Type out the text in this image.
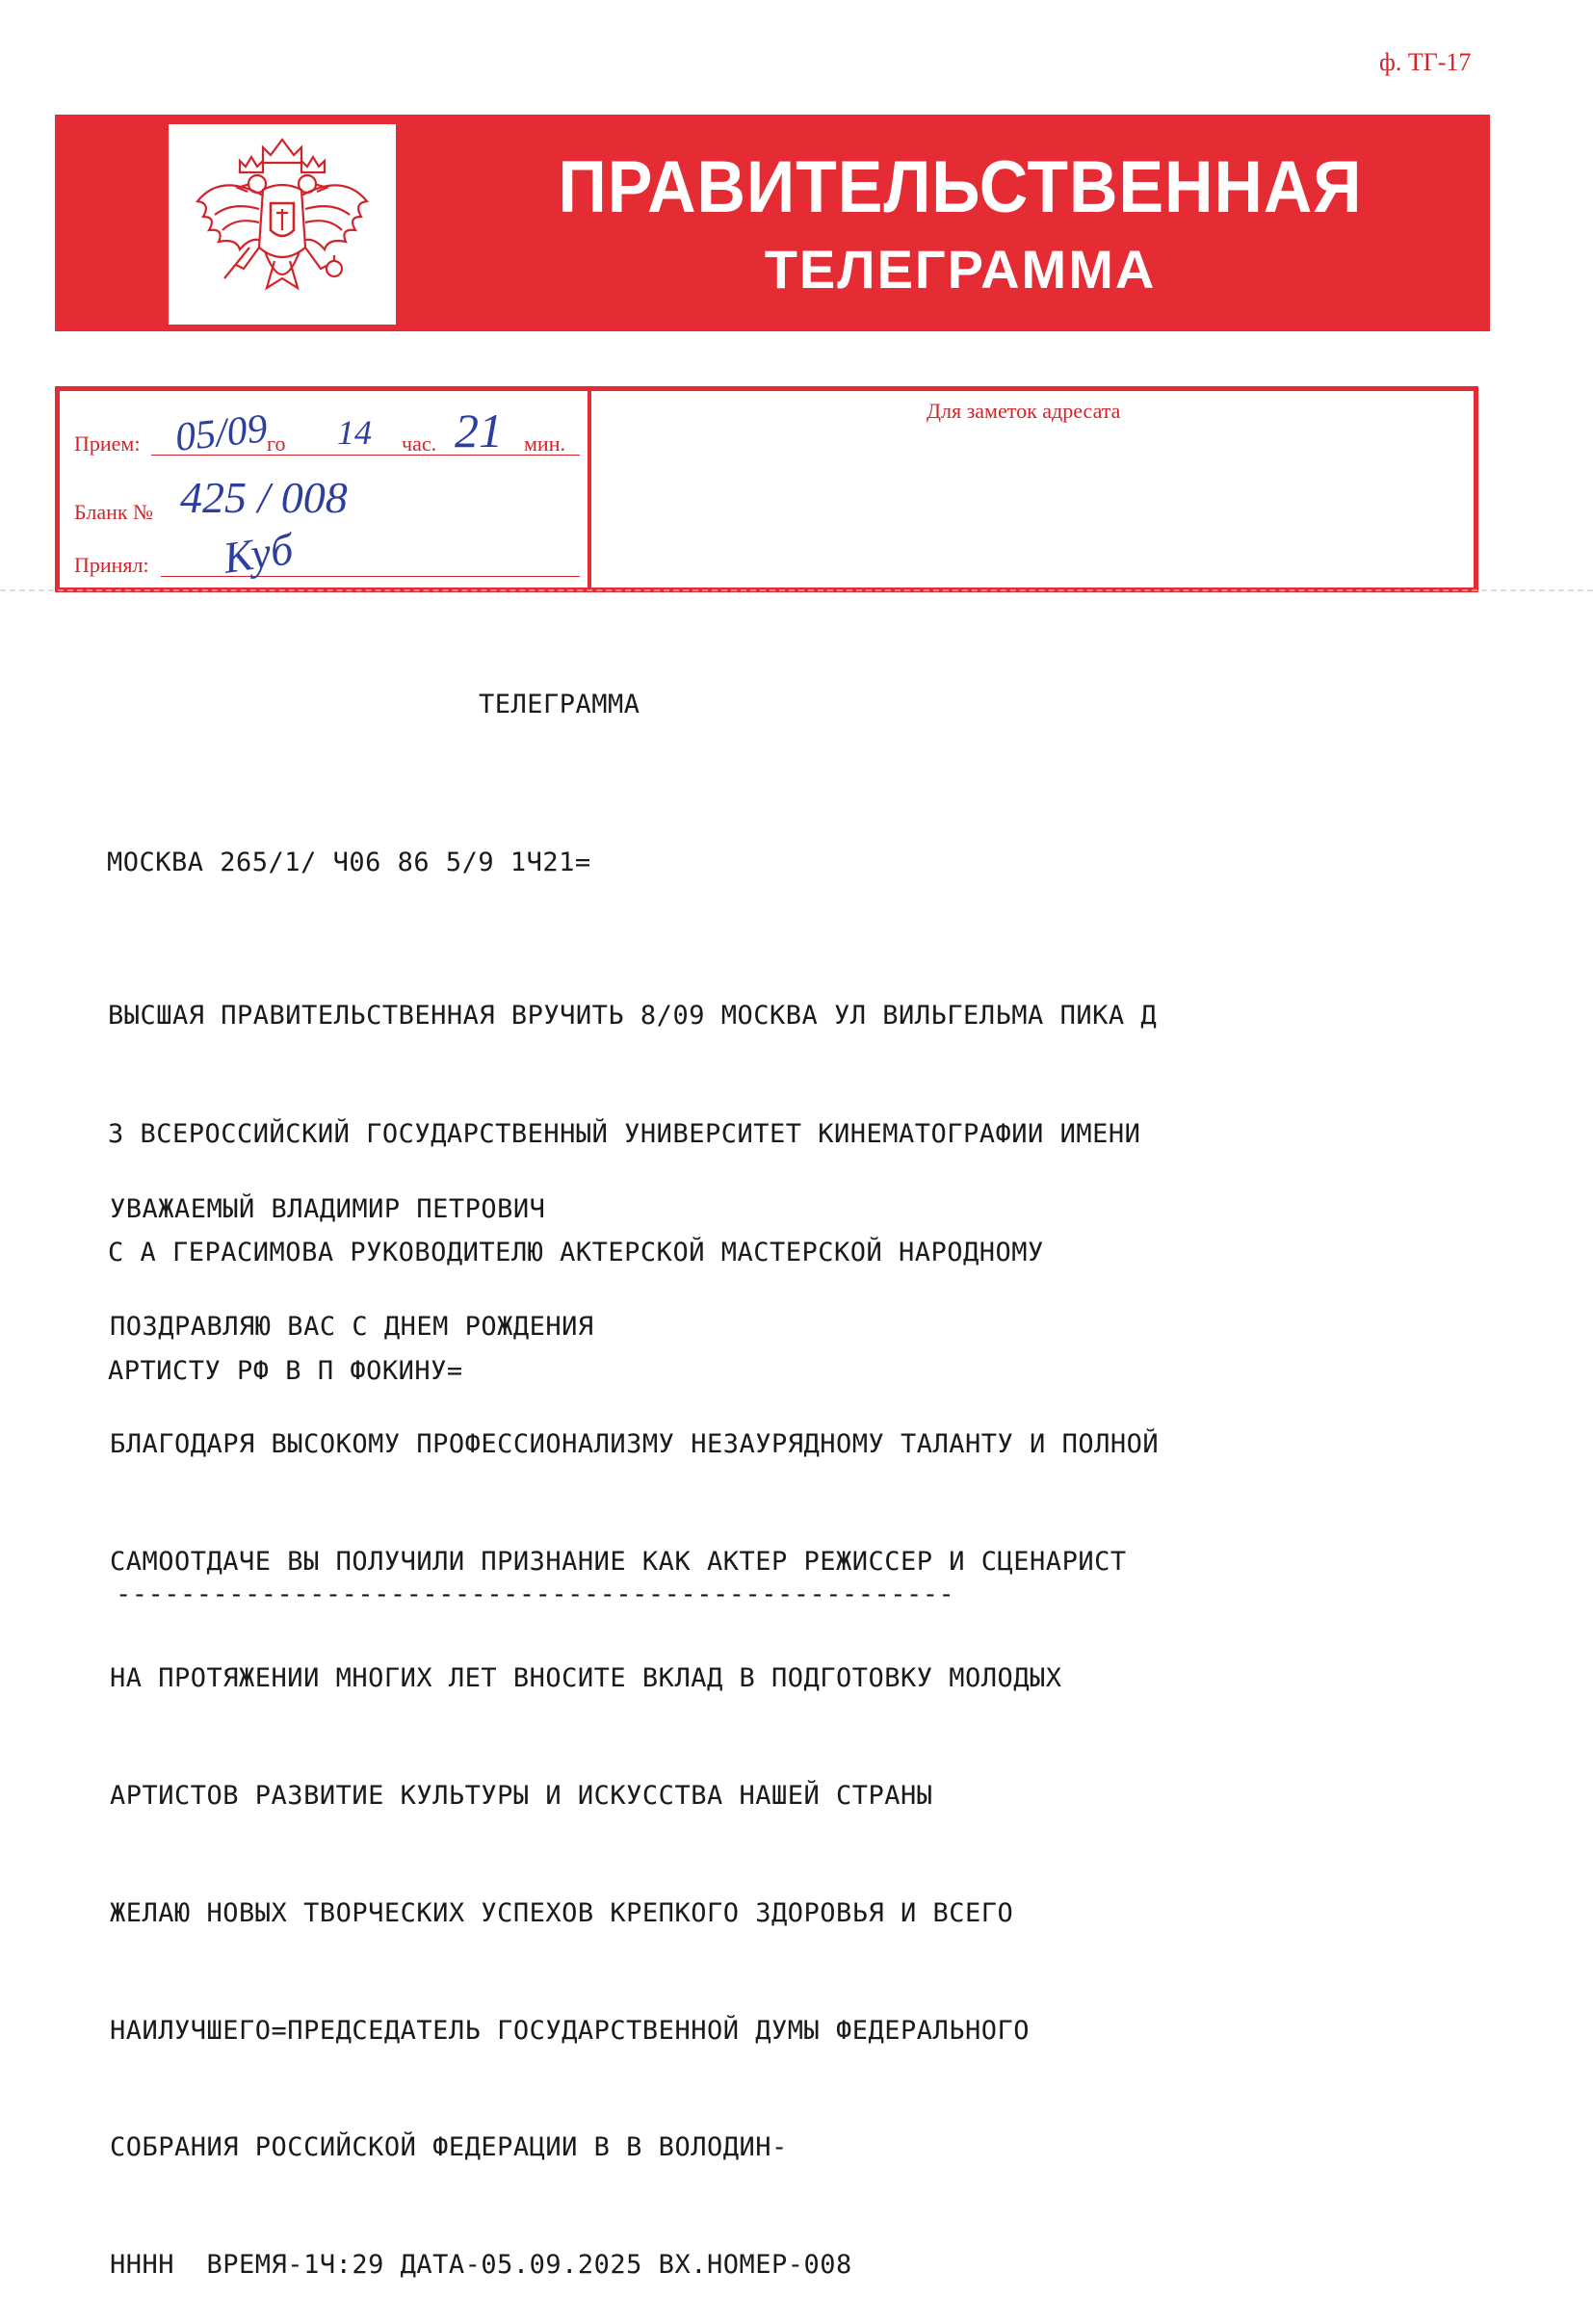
ф. ТГ-17
ПРАВИТЕЛЬСТВЕННАЯ
ТЕЛЕГРАММА
Прием: 05/09
го 14 час. 21 мин.
Бланк № 425 / 008
Принял: Куб
Для заметок адресата
ТЕЛЕГРАММА
МОСКВА 265/1/ Ч06 86 5/9 1Ч21=

ВЫСШАЯ ПРАВИТЕЛЬСТВЕННАЯ ВРУЧИТЬ 8/09 МОСКВА УЛ ВИЛЬГЕЛЬМА ПИКА Д

3 ВСЕРОССИЙСКИЙ ГОСУДАРСТВЕННЫЙ УНИВЕРСИТЕТ КИНЕМАТОГРАФИИ ИМЕНИ

С А ГЕРАСИМОВА РУКОВОДИТЕЛЮ АКТЕРСКОЙ МАСТЕРСКОЙ НАРОДНОМУ

АРТИСТУ РФ В П ФОКИНУ=

УВАЖАЕМЫЙ ВЛАДИМИР ПЕТРОВИЧ

ПОЗДРАВЛЯЮ ВАС С ДНЕМ РОЖДЕНИЯ

БЛАГОДАРЯ ВЫСОКОМУ ПРОФЕССИОНАЛИЗМУ НЕЗАУРЯДНОМУ ТАЛАНТУ И ПОЛНОЙ

САМООТДАЧЕ ВЫ ПОЛУЧИЛИ ПРИЗНАНИЕ КАК АКТЕР РЕЖИССЕР И СЦЕНАРИСТ

НА ПРОТЯЖЕНИИ МНОГИХ ЛЕТ ВНОСИТЕ ВКЛАД В ПОДГОТОВКУ МОЛОДЫХ

АРТИСТОВ РАЗВИТИЕ КУЛЬТУРЫ И ИСКУССТВА НАШЕЙ СТРАНЫ

ЖЕЛАЮ НОВЫХ ТВОРЧЕСКИХ УСПЕХОВ КРЕПКОГО ЗДОРОВЬЯ И ВСЕГО

НАИЛУЧШЕГО=ПРЕДСЕДАТЕЛЬ ГОСУДАРСТВЕННОЙ ДУМЫ ФЕДЕРАЛЬНОГО

СОБРАНИЯ РОССИЙСКОЙ ФЕДЕРАЦИИ В В ВОЛОДИН-

НННН  ВРЕМЯ-1Ч:29 ДАТА-05.09.2025 ВХ.НОМЕР-008

----------------------------------------------------
